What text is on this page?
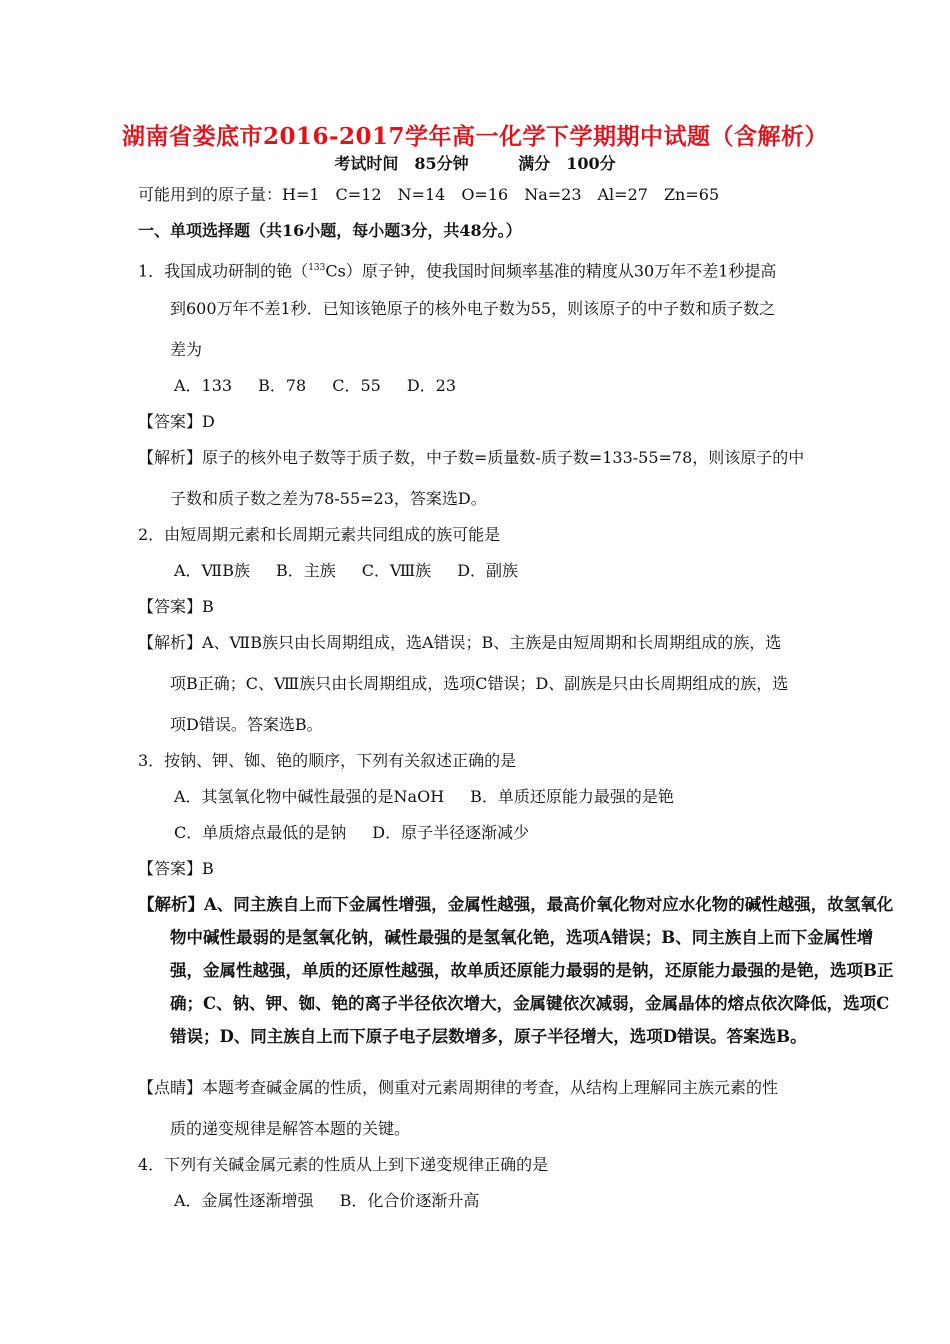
湖南省娄底市2016-2017学年高一化学下学期期中试题（含解析）
考试时间　85分钟	满分　100分
可能用到的原子量：H=1　C=12　N=14　O=16　Na=23　Al=27　Zn=65
一、单项选择题（共16小题，每小题3分，共48分。）
1．我国成功研制的铯（$^{133}$Cs）原子钟，使我国时间频率基准的精度从30万年不差1秒提高
到600万年不差1秒．已知该铯原子的核外电子数为55，则该原子的中子数和质子数之
差为
A．133 B．78 C．55 D．23
【答案】D
【解析】原子的核外电子数等于质子数，中子数=质量数-质子数=133-55=78，则该原子的中
子数和质子数之差为78-55=23，答案选D。
2．由短周期元素和长周期元素共同组成的族可能是
A．ⅦB族 B．主族 C．Ⅷ族 D．副族
【答案】B
【解析】A、ⅦB族只由长周期组成，选A错误；B、主族是由短周期和长周期组成的族，选
项B正确；C、Ⅷ族只由长周期组成，选项C错误；D、副族是只由长周期组成的族，选
项D错误。答案选B。
3．按钠、钾、铷、铯的顺序，下列有关叙述正确的是
A．其氢氧化物中碱性最强的是NaOH B．单质还原能力最强的是铯
C．单质熔点最低的是钠 D．原子半径逐渐减少
【答案】B
【解析】A、同主族自上而下金属性增强，金属性越强，最高价氧化物对应水化物的碱性越强，故氢氧化
物中碱性最弱的是氢氧化钠，碱性最强的是氢氧化铯，选项A错误；B、同主族自上而下金属性增
强，金属性越强，单质的还原性越强，故单质还原能力最弱的是钠，还原能力最强的是铯，选项B正
确；C、钠、钾、铷、铯的离子半径依次增大，金属键依次减弱，金属晶体的熔点依次降低，选项C
错误；D、同主族自上而下原子电子层数增多，原子半径增大，选项D错误。答案选B。
【点睛】本题考查碱金属的性质，侧重对元素周期律的考查，从结构上理解同主族元素的性
质的递变规律是解答本题的关键。
4．下列有关碱金属元素的性质从上到下递变规律正确的是
A．金属性逐渐增强 B．化合价逐渐升高
